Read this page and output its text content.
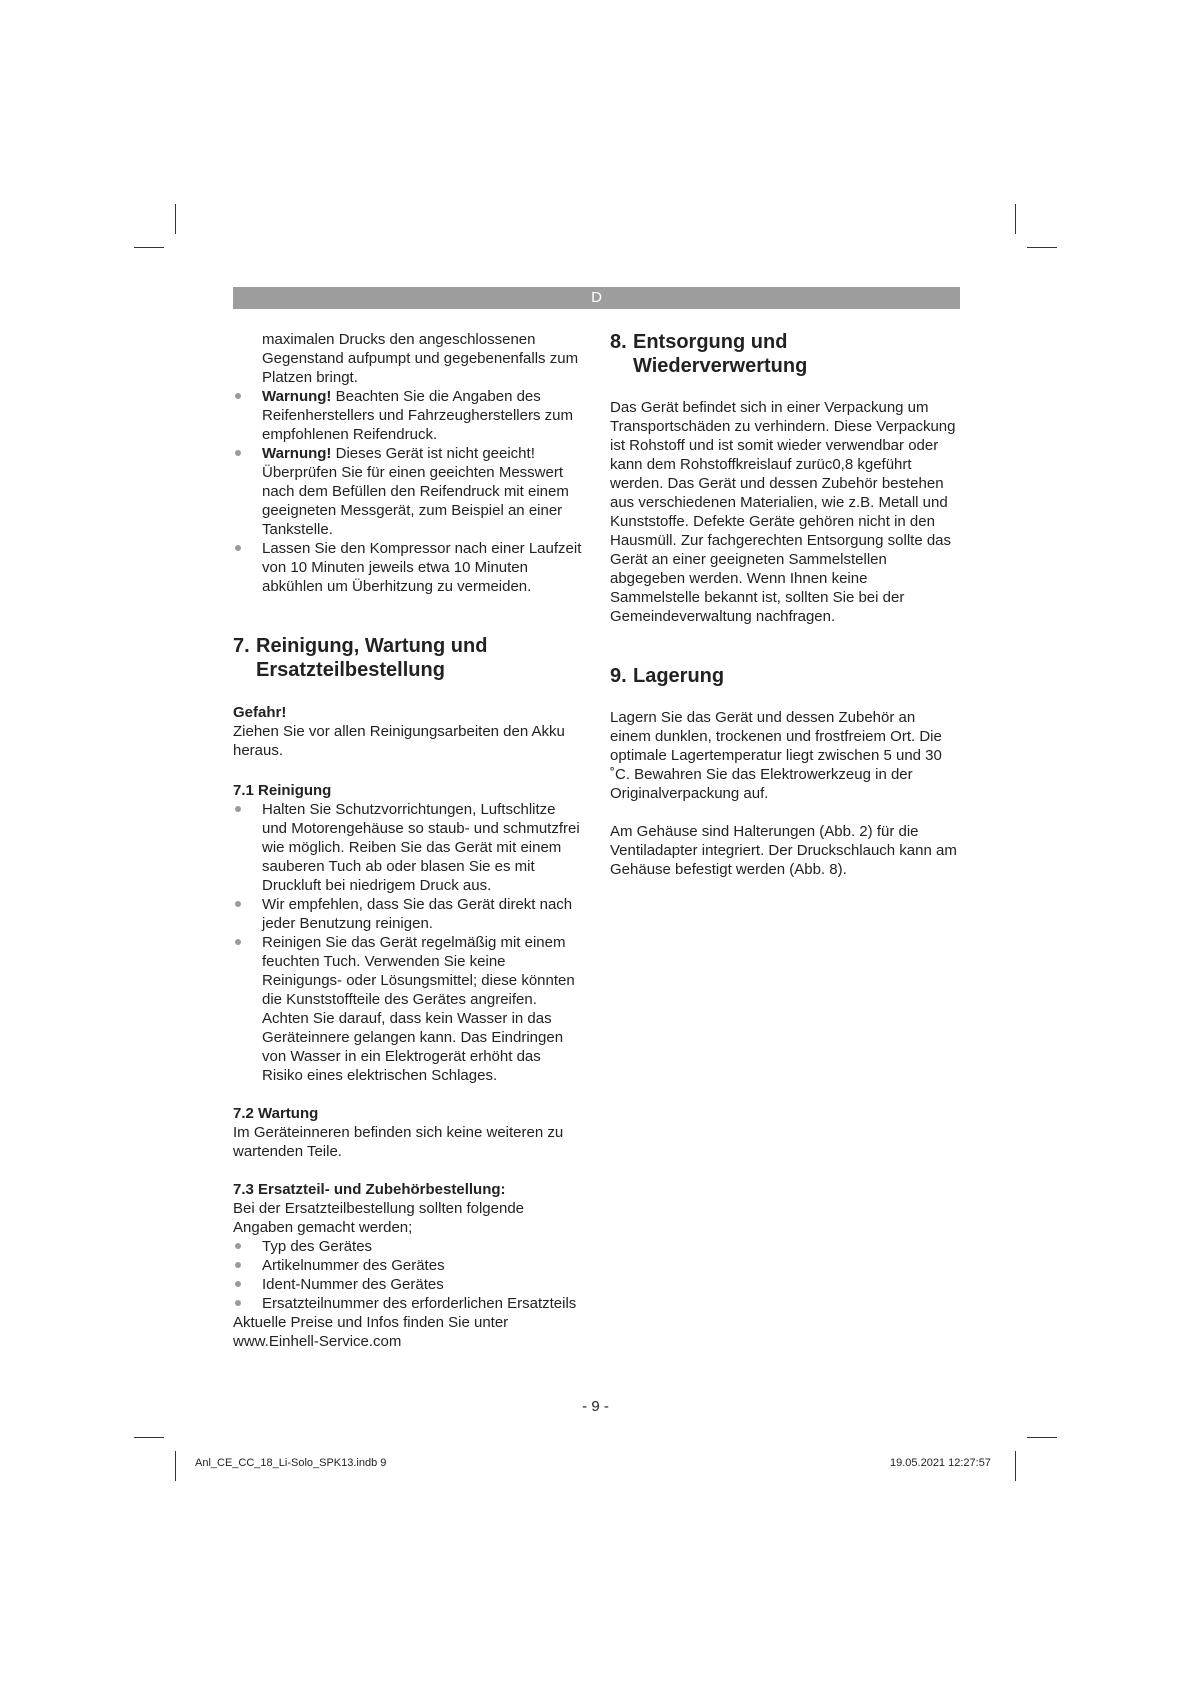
D

maximalen Drucks den angeschlossenen Gegenstand aufpumpt und gegebenenfalls zum Platzen bringt.

Warnung! Beachten Sie die Angaben des Reifenherstellers und Fahrzeugherstellers zum empfohlenen Reifendruck.
Warnung! Dieses Gerät ist nicht geeicht! Überprüfen Sie für einen geeichten Messwert nach dem Befüllen den Reifendruck mit einem geeigneten Messgerät, zum Beispiel an einer Tankstelle.
Lassen Sie den Kompressor nach einer Laufzeit von 10 Minuten jeweils etwa 10 Minuten abkühlen um Überhitzung zu vermeiden.
7. Reinigung, Wartung und
Ersatzteilbestellung

Gefahr!

Ziehen Sie vor allen Reinigungsarbeiten den Akku heraus.

7.1 Reinigung

Halten Sie Schutzvorrichtungen, Luftschlitze und Motorengehäuse so staub- und schmutzfrei wie möglich. Reiben Sie das Gerät mit einem sauberen Tuch ab oder blasen Sie es mit Druckluft bei niedrigem Druck aus.
Wir empfehlen, dass Sie das Gerät direkt nach jeder Benutzung reinigen.
Reinigen Sie das Gerät regelmäßig mit einem feuchten Tuch. Verwenden Sie keine Reinigungs- oder Lösungsmittel; diese könnten die Kunststoffteile des Gerätes angreifen. Achten Sie darauf, dass kein Wasser in das Geräteinnere gelangen kann. Das Eindringen von Wasser in ein Elektrogerät erhöht das Risiko eines elektrischen Schlages.

7.2 Wartung

Im Geräteinneren befinden sich keine weiteren zu wartenden Teile.

7.3 Ersatzteil- und Zubehörbestellung:

Bei der Ersatzteilbestellung sollten folgende Angaben gemacht werden;

Typ des Gerätes
Artikelnummer des Gerätes
Ident-Nummer des Gerätes
Ersatzteilnummer des erforderlichen Ersatzteils

Aktuelle Preise und Infos finden Sie unter www.Einhell-Service.com

8. Entsorgung und
Wiederverwertung

Das Gerät befindet sich in einer Verpackung um Transportschäden zu verhindern. Diese Verpackung ist Rohstoff und ist somit wieder verwendbar oder kann dem Rohstoffkreislauf zurüc0,8 kgeführt werden. Das Gerät und dessen Zubehör bestehen aus verschiedenen Materialien, wie z.B. Metall und Kunststoffe. Defekte Geräte gehören nicht in den Hausmüll. Zur fachgerechten Entsorgung sollte das Gerät an einer geeigneten Sammelstellen abgegeben werden. Wenn Ihnen keine Sammelstelle bekannt ist, sollten Sie bei der Gemeindeverwaltung nachfragen.

9. Lagerung

Lagern Sie das Gerät und dessen Zubehör an einem dunklen, trockenen und frostfreiem Ort. Die optimale Lagertemperatur liegt zwischen 5 und 30 ˚C. Bewahren Sie das Elektrowerkzeug in der Originalverpackung auf.

Am Gehäuse sind Halterungen (Abb. 2) für die Ventiladapter integriert. Der Druckschlauch kann am Gehäuse befestigt werden (Abb. 8).

- 9 -
Anl_CE_CC_18_Li-Solo_SPK13.indb 9	19.05.2021 12:27:57
